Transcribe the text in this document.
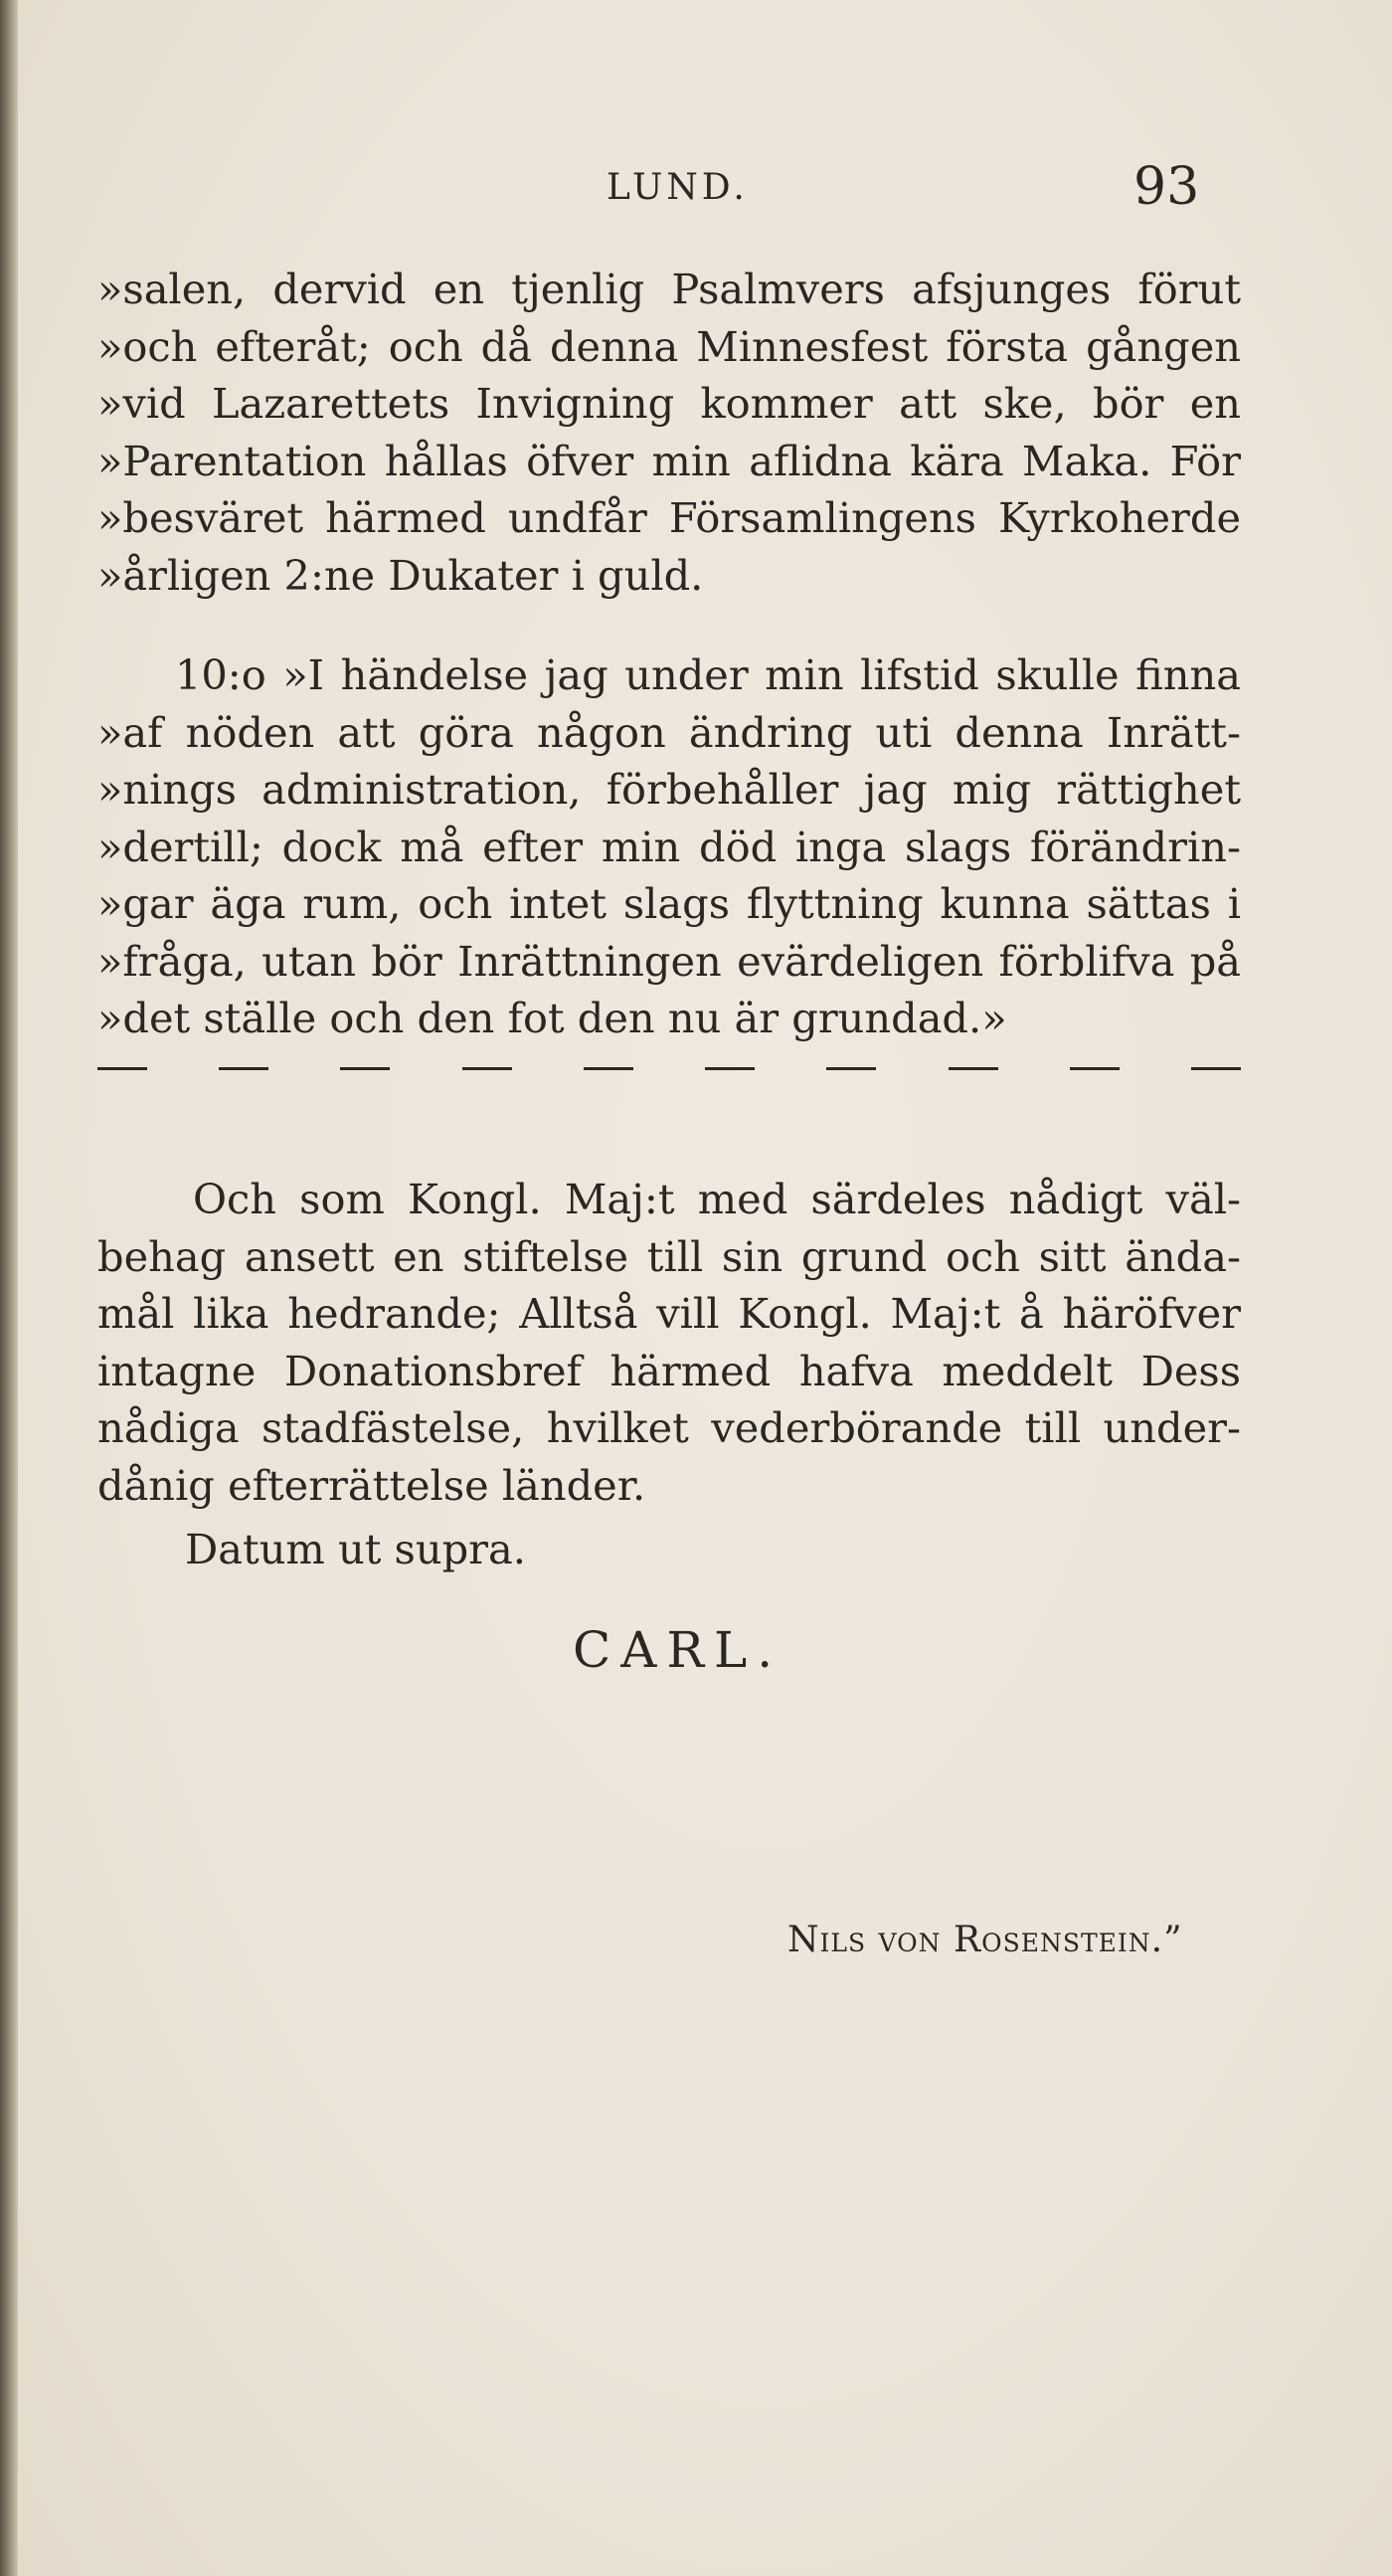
LUND.	93
»salen, dervid en tjenlig Psalmvers afsjunges förut
»och efteråt; och då denna Minnesfest första gången
»vid Lazarettets Invigning kommer att ske, bör en
»Parentation hållas öfver min aflidna kära Maka. För
»besväret härmed undfår Församlingens Kyrkoherde
»årligen 2:ne Dukater i guld.
10:o »I händelse jag under min lifstid skulle finna
»af nöden att göra någon ändring uti denna Inrätt-
»nings administration, förbehåller jag mig rättighet
»dertill; dock må efter min död inga slags förändrin-
»gar äga rum, och intet slags flyttning kunna sättas i
»fråga, utan bör Inrättningen evärdeligen förblifva på
»det ställe och den fot den nu är grundad.»
Och som Kongl. Maj:t med särdeles nådigt väl-
behag ansett en stiftelse till sin grund och sitt ända-
mål lika hedrande; Alltså vill Kongl. Maj:t å häröfver
intagne Donationsbref härmed hafva meddelt Dess
nådiga stadfästelse, hvilket vederbörande till under-
dånig efterrättelse länder.
Datum ut supra.
CARL.
Nils von Rosenstein.”
